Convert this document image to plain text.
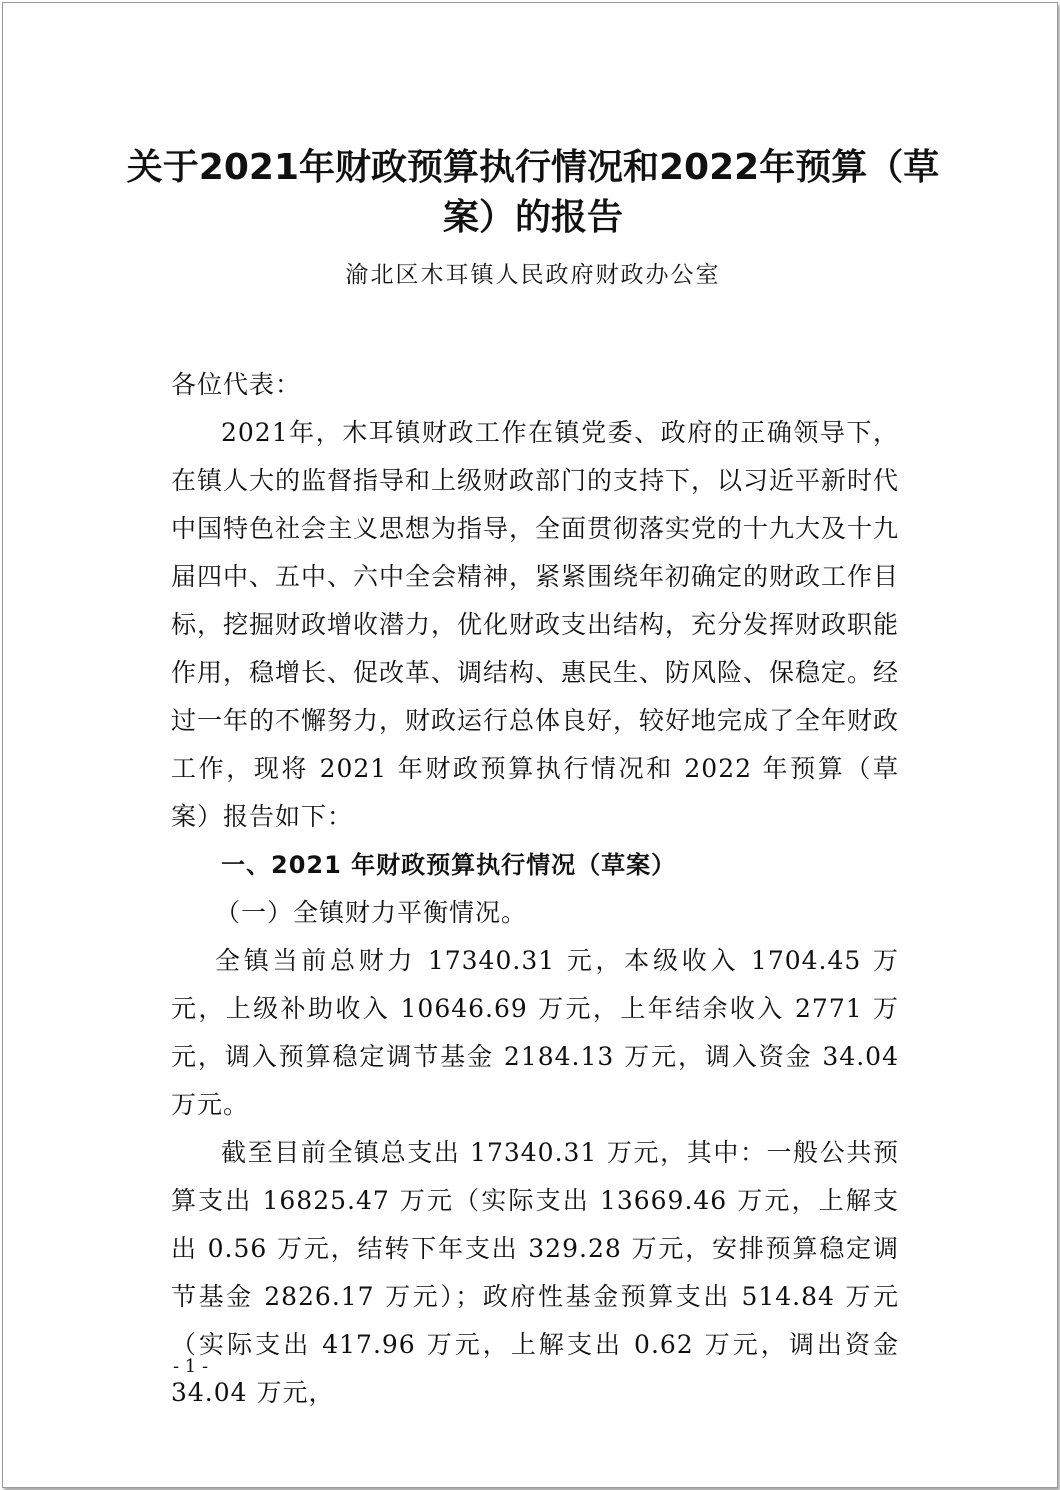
关于2021年财政预算执行情况和2022年预算（草案）的报告
渝北区木耳镇人民政府财政办公室

各位代表：

2021年，木耳镇财政工作在镇党委、政府的正确领导下，在镇人大的监督指导和上级财政部门的支持下，以习近平新时代中国特色社会主义思想为指导，全面贯彻落实党的十九大及十九届四中、五中、六中全会精神，紧紧围绕年初确定的财政工作目标，挖掘财政增收潜力，优化财政支出结构，充分发挥财政职能作用，稳增长、促改革、调结构、惠民生、防风险、保稳定。经过一年的不懈努力，财政运行总体良好，较好地完成了全年财政工作，现将 2021 年财政预算执行情况和 2022 年预算（草案）报告如下：

一、2021 年财政预算执行情况（草案）

（一）全镇财力平衡情况。

全镇当前总财力 17340.31 元，本级收入 1704.45 万元，上级补助收入 10646.69 万元，上年结余收入 2771 万元，调入预算稳定调节基金 2184.13 万元，调入资金 34.04 万元。

截至目前全镇总支出 17340.31 万元，其中：一般公共预算支出 16825.47 万元（实际支出 13669.46 万元，上解支出 0.56 万元，结转下年支出 329.28 万元，安排预算稳定调节基金 2826.17 万元）；政府性基金预算支出 514.84 万元（实际支出 417.96 万元，上解支出 0.62 万元，调出资金 34.04 万元，

- 1 -
